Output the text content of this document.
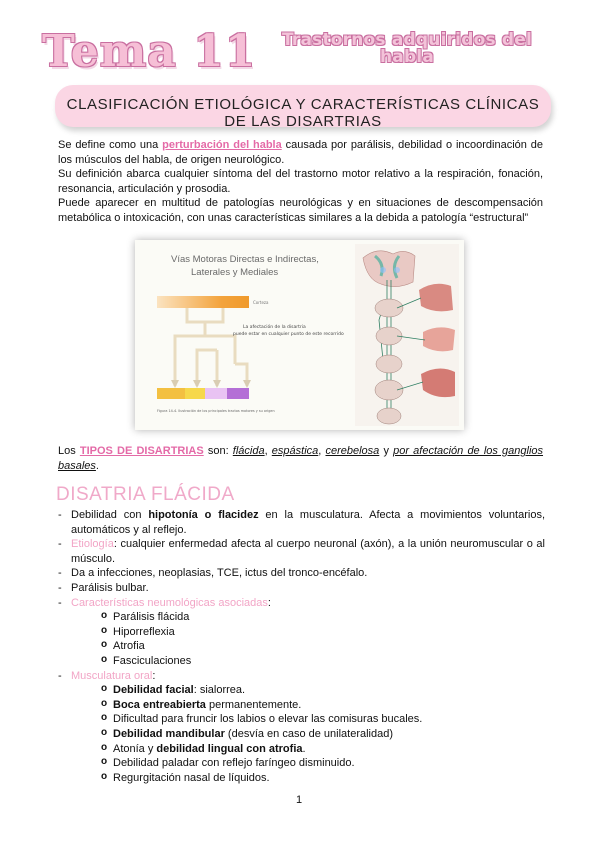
Tema 11	Trastornos adquiridos del habla
CLASIFICACIÓN ETIOLÓGICA Y CARACTERÍSTICAS CLÍNICAS DE LAS DISARTRIAS
Se define como una perturbación del habla causada por parálisis, debilidad o incoordinación de los músculos del habla, de origen neurológico.
Su definición abarca cualquier síntoma del del trastorno motor relativo a la respiración, fonación, resonancia, articulación y prosodia.
Puede aparecer en multitud de patologías neurológicas y en situaciones de descompensación metabólica o intoxicación, con unas características similares a la debida a patología “estructural”
Vías Motoras Directas e Indirectas,
Laterales y Mediales
Corteza
La afectación de la disartria
puede estar en cualquier punto de este recorrido
Figura 14-4. Ilustración de los principales tractos motores y su origen
Los TIPOS DE DISARTRIAS son: flácida, espástica, cerebelosa y por afectación de los ganglios basales.
DISATRIA FLÁCIDA
- Debilidad con hipotonía o flacidez en la musculatura. Afecta a movimientos voluntarios, automáticos y al reflejo.
- Etiología: cualquier enfermedad afecta al cuerpo neuronal (axón), a la unión neuromuscular o al músculo.
- Da a infecciones, neoplasias, TCE, ictus del tronco-encéfalo.
- Parálisis bulbar.
- Características neumológicas asociadas:
o Parálisis flácida
o Hiporreflexia
o Atrofia
o Fasciculaciones
- Musculatura oral:
o Debilidad facial: sialorrea.
o Boca entreabierta permanentemente.
o Dificultad para fruncir los labios o elevar las comisuras bucales.
o Debilidad mandibular (desvía en caso de unilateralidad)
o Atonía y debilidad lingual con atrofia.
o Debilidad paladar con reflejo faríngeo disminuido.
o Regurgitación nasal de líquidos.
1
